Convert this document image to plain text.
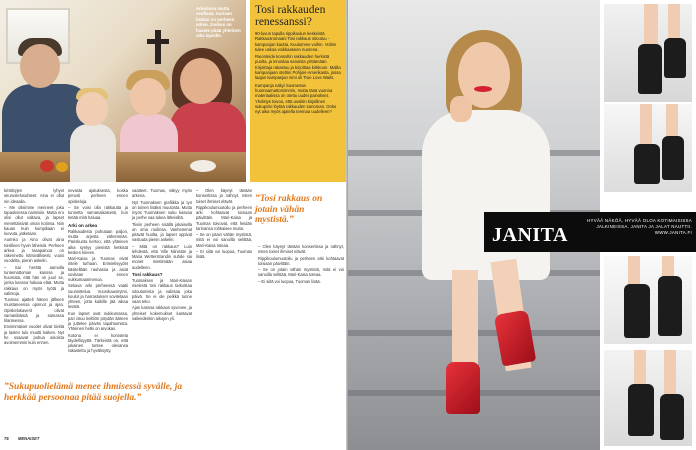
Arkiolosa mutta seaflasa. Auriaan lisäksi on perheen arkea. Joskus on haaste pitää yhteinen aika lapsille.
Tosi rakkauden renessanssi?

90-luvun tapulla rippikoulun keskeistä Rakkausromaani Tosi rakkaus sitoutuu -kampanjan kautta, Kuulumme voihin. Voihin tulee uskoa voikkaaseen nuorena.

Rieonteide konsoltin rakkauden herkistä puolta, ja innostaa sanoista yrittämään. Kirjoittaja rakastuu ja kirjoittaa kirkkoon. Mallia kampanjaan otettiin Pohjois-Amerikasta, jossa laajan kampanjan nimi oli True Love Waits.

Kampanja näkyi Suomessa huomaamattomimmin, mutta tänä vuonna materiaalissa on otettu uudet painokset. Yhdistys toivoo, että uusikin kirjallinen sukupolvi löytää rakkauden sanoman. Onko nyt aika myös ajatella teemaa uudelleen?

kristittyjen lyhyet seurustelusuhteet. Aina ei ollut nin ideaalia.

– Me olisimme menneet joka tapauksessa naimisiin. Mutta ero olisi ollut valtava, ja lapset menettäisivät oman kotinsa. Niin kauan kuin kumpikaan ei luovuta, jatketaan.

Aurinko ja Aino olivat aina toisilleen hyvin läheisiä. Perheen arkea ja tasapainoa on rakennettu kärsivällisesti, vuosi vuodelta, pienin askelin.

– Sai herätä aamulla tuntemattoman kanssa ja huomata, että hän on juuri se, jonka kanssa haluaa elää. Mutta rakkaus on myös työtä ja valintoja.

Tuomas ajatteli hänen jälkeen muistaneensa opinnot ja ajan. Opiskelukaverit olivat samanikäisiä ja samassa tilanteessa.

Ensimmäiset vuodet olivat tiiviitä ja lasten tulo muutti kaiken. Nyt he osaavat puhua asioista avoimemmin kuin ennen.

nevasta ajatuksesta, koska perusti perheen ennen opiskeluja.

– Se voisi olla rakkautta ja tunnetta samanaikaisesti, kun tietää mitä haluaa.

Arki on arkea

Rakkaudesta puhutaan paljon, mutta arjesta vähemmän. Pariskunta kertoo, että yhteinen aika syntyy pienistä hetkistä kesken kiireen.

Mari-Kaisa ja Tuomas eivät riitele turhaan. Erimielisyydet käsitellään rauhassa ja asiat sovitaan ennen nukkumaanmenoa.

Sekava arki perheessä vaatii suunnittelua. Vuorokausirytmi, koulut ja harrastukset sovitetaan yhteen, jotta kaikille jää aikaa levätä.

Kun lapset ovat nukkumassa, pari istuu keittiön pöydän ääreen ja juttelee päivän tapahtumista. Yhteinen hetki on arvokas.

Kotona ei korosteta täydellisyyttä. Tärkeintä on, että jokainen tuntee olevansa rakastettu ja hyväksytty.

vaatteet. Tuomas, näkyy myös arkena.

Nyt Tuomaksen grafiikka ja työ on toinen lisäksi muutosta. Mutta myös Tuomaksen suku kasvaa ja perhe saa tukea läheisiltä.

Tiiviin perheen sisällä jokaisella on oma roolinsa. Vanhemmat pitävät huolta, ja lapset oppivat vastuuta pienin askelin.

– Mitä on rakkaus? Luin lehdestä, että Ville Niinistön ja Maria Wetterstrandin suhde sai monet miettimään asiaa uudelleen.

Tosi rakkaus?

Tuomaksen ja Mari-Kaisan mielestä tosi rakkaus tarkoittaa sitoutumista ja valintaa joka päivä. Se ei ole pelkkä tunne vaan teko.

Ajan kanssa rakkaus syvenee, ja yhteiset kokemukset kantavat vaikeidenkin aikojen yli.

– Olen käynyt tänään konsertissa ja nähnyt, miten toiset ihmiset elävät.

Rippikoulumuotoilu ja perheen arki kohtaavat toisiaan päivittäin. Mari-Kaisa ja Tuomas toivovat, että heidän tarinansa rohkaisee muita.

– Se on jotain vähän mystistä, mitä ei voi sanoilla selittää, Mari-Kaisa toteaa.

– Ei siitä voi luopua, Tuomas lisää.

”Tosi rakkaus on jotain vähän mystistä.”

– Olen käynyt tänään konsertissa ja nähnyt, miten toiset ihmiset elävät.

Rippikoulumuotoilu ja perheen arki kohtaavat toisiaan päivittäin.

– Se on jotain vähän mystistä, mitä ei voi sanoilla selittää, Mari-Kaisa toteaa.

– Ei siitä voi luopua, Tuomas lisää.

”Sukupuolielämä menee ihmisessä syvälle, ja herkkää persoonaa pitää suojella.”
78 MENAISET
JANITA
HYVÄÄ NÄKÖÄ, HYVÄÄ OLOA KOTIMAISISSA JALKINEISSA. JANITA JA JALAT NAUTTII.
WWW.JANITA.FI
